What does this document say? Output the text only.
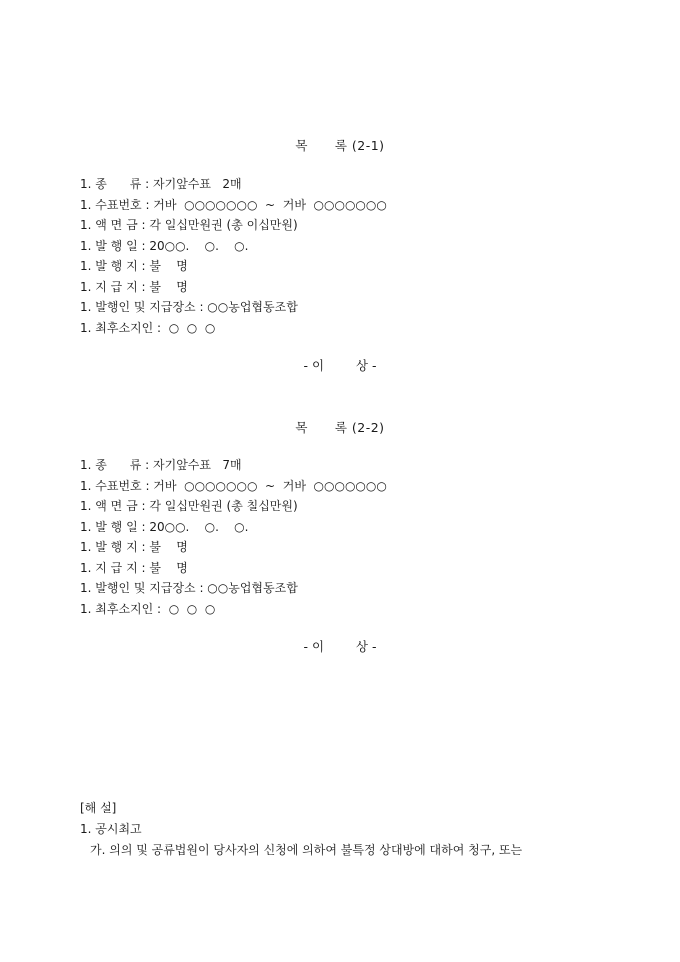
목      록 (2-1)
1. 종      류 : 자기앞수표   2매
1. 수표번호 : 거바  ○○○○○○○  ~  거바  ○○○○○○○
1. 액 면 금 : 각 일십만원권 (총 이십만원)
1. 발 행 일 : 20○○.    ○.    ○.
1. 발 행 지 : 불    명
1. 지 급 지 : 불    명
1. 발행인 및 지급장소 : ○○농업협동조합
1. 최후소지인 :  ○  ○  ○
- 이        상 -
목      록 (2-2)
1. 종      류 : 자기앞수표   7매
1. 수표번호 : 거바  ○○○○○○○  ~  거바  ○○○○○○○
1. 액 면 금 : 각 일십만원권 (총 칠십만원)
1. 발 행 일 : 20○○.    ○.    ○.
1. 발 행 지 : 불    명
1. 지 급 지 : 불    명
1. 발행인 및 지급장소 : ○○농업협동조합
1. 최후소지인 :  ○  ○  ○
- 이        상 -
[해 설]
1. 공시최고
가. 의의 및 공류법원이 당사자의 신청에 의하여 불특정 상대방에 대하여 청구, 또는
